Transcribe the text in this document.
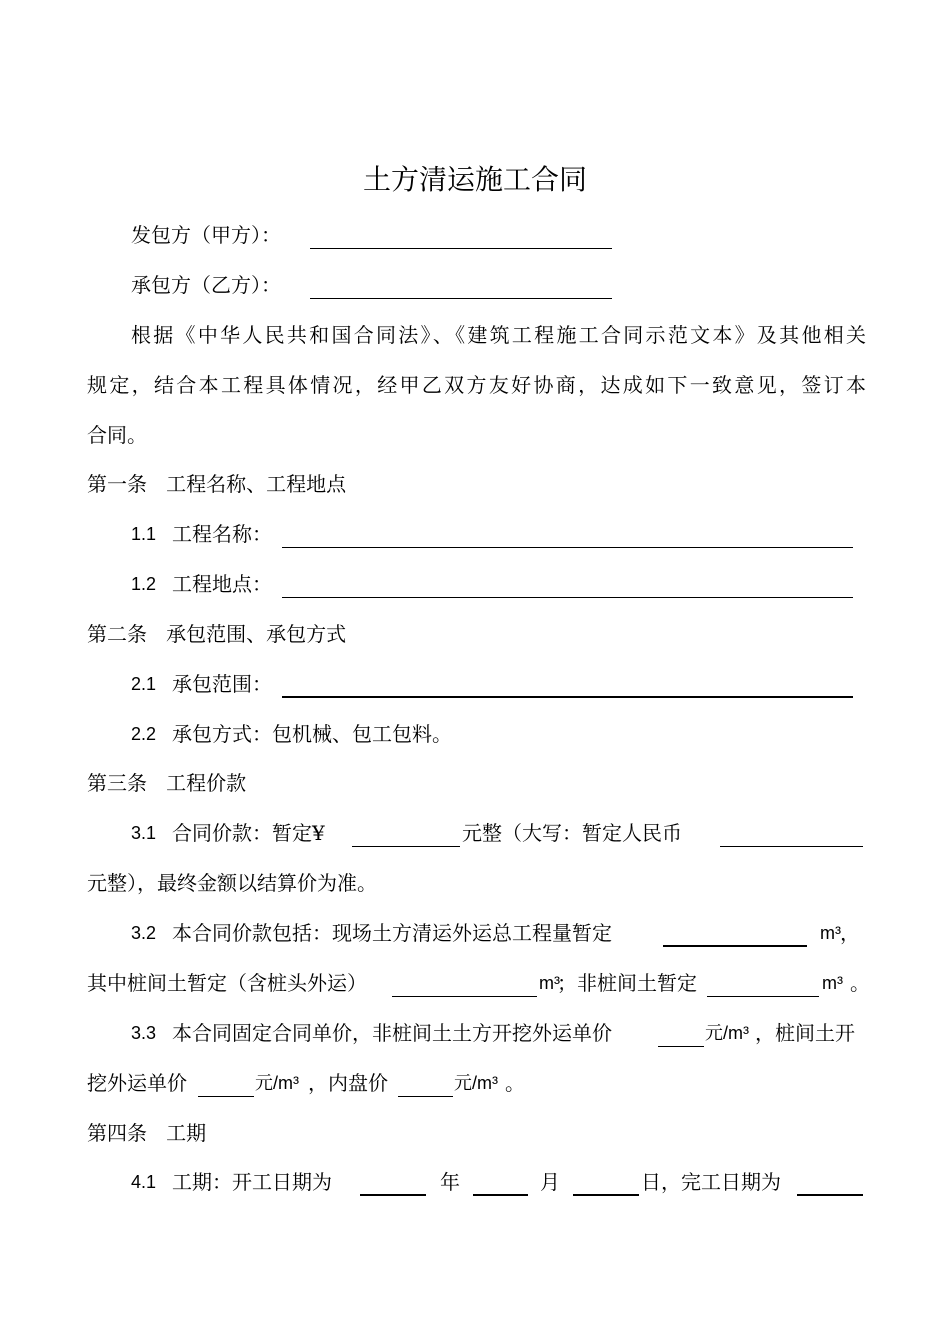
土方清运施工合同
发包方（甲方）：
承包方（乙方）：
根据《中华人民共和国合同法》、《建筑工程施工合同示范文本》及其他相关
规定，结合本工程具体情况，经甲乙双方友好协商，达成如下一致意见，签订本
合同。
第一条   工程名称、工程地点
1.1 工程名称：
1.2 工程地点：
第二条   承包范围、承包方式
2.1 承包范围：
2.2 承包方式：包机械、包工包料。
第三条   工程价款
3.1 合同价款：暂定¥	元整（大写：暂定人民币
元整），最终金额以结算价为准。
3.2 本合同价款包括：现场土方清运外运总工程量暂定	m³ ，
其中桩间土暂定（含桩头外运）	m³
；非桩间土暂定	m³ 。
3.3 本合同固定合同单价，非桩间土土方开挖外运单价	元/m³ ，桩间土开
挖外运单价	元/m³ ，内盘价	元/m³ 。
第四条   工期
4.1 工期：开工日期为	年	月	日，完工日期为
